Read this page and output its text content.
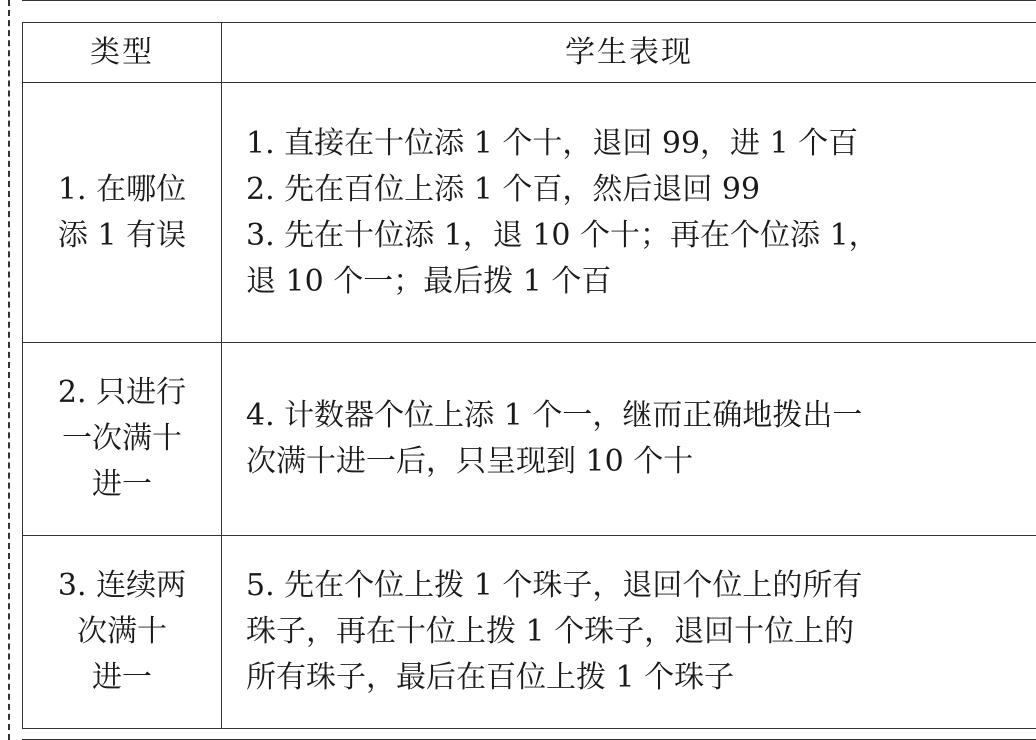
类型	学生表现

1. 在哪位
添 1 有误	1. 直接在十位添 1 个十，退回 99，进 1 个百
2. 先在百位上添 1 个百，然后退回 99
3. 先在十位添 1，退 10 个十；再在个位添 1，
退 10 个一；最后拨 1 个百

2. 只进行
一次满十
进一	4. 计数器个位上添 1 个一，继而正确地拨出一
次满十进一后，只呈现到 10 个十

3. 连续两
次满十
进一	5. 先在个位上拨 1 个珠子，退回个位上的所有
珠子，再在十位上拨 1 个珠子，退回十位上的
所有珠子，最后在百位上拨 1 个珠子
